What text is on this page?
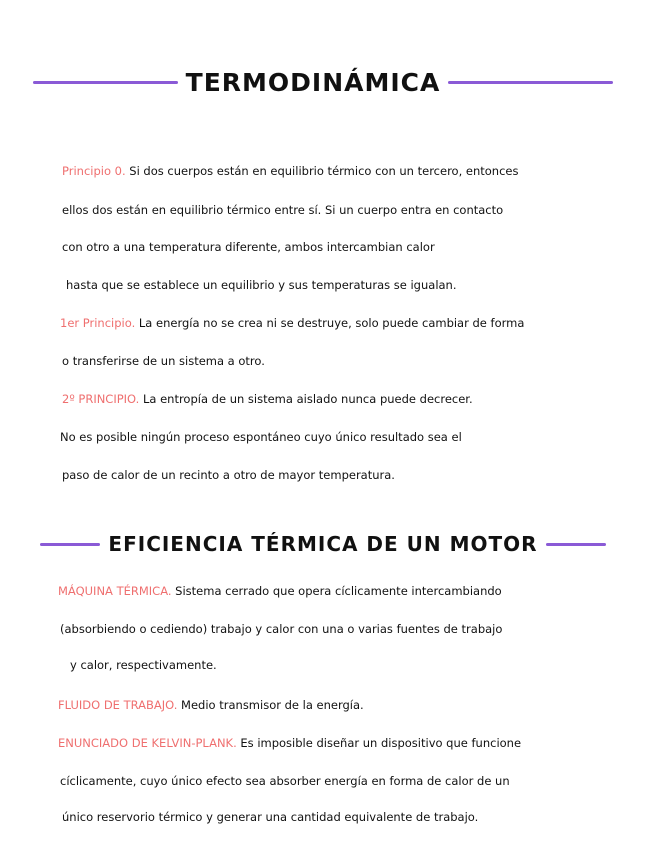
TERMODINÁMICA
Principio 0. Si dos cuerpos están en equilibrio térmico con un tercero, entonces
ellos dos están en equilibrio térmico entre sí. Si un cuerpo entra en contacto
con otro a una temperatura diferente, ambos intercambian calor
hasta que se establece un equilibrio y sus temperaturas se igualan.
1er Principio. La energía no se crea ni se destruye, solo puede cambiar de forma
o transferirse de un sistema a otro.
2º PRINCIPIO. La entropía de un sistema aislado nunca puede decrecer.
No es posible ningún proceso espontáneo cuyo único resultado sea el
paso de calor de un recinto a otro de mayor temperatura.
EFICIENCIA TÉRMICA DE UN MOTOR
MÁQUINA TÉRMICA. Sistema cerrado que opera cíclicamente intercambiando
(absorbiendo o cediendo) trabajo y calor con una o varias fuentes de trabajo
y calor, respectivamente.
FLUIDO DE TRABAJO. Medio transmisor de la energía.
ENUNCIADO DE KELVIN-PLANK. Es imposible diseñar un dispositivo que funcione
cíclicamente, cuyo único efecto sea absorber energía en forma de calor de un
único reservorio térmico y generar una cantidad equivalente de trabajo.
